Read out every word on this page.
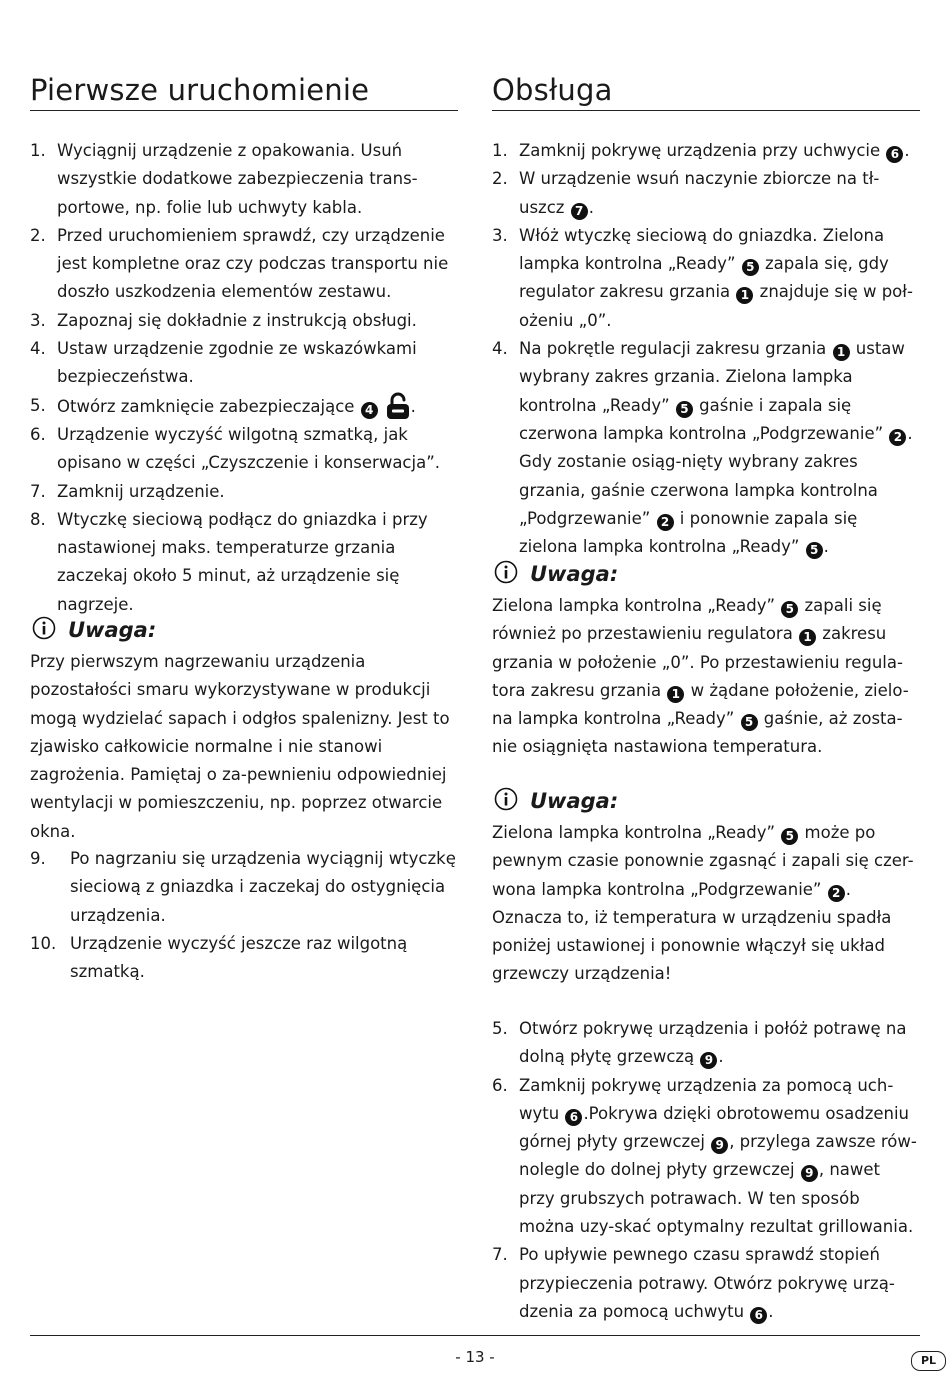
Pierwsze uruchomienie
1. Wyciągnij urządzenie z opakowania. Usuń wszystkie dodatkowe zabezpieczenia trans-portowe, np. folie lub uchwyty kabla.
2. Przed uruchomieniem sprawdź, czy urządzenie jest kompletne oraz czy podczas transportu nie doszło uszkodzenia elementów zestawu.
3. Zapoznaj się dokładnie z instrukcją obsługi.
4. Ustaw urządzenie zgodnie ze wskazówkami bezpieczeństwa.
5. Otwórz zamknięcie zabezpieczające 4 .
6. Urządzenie wyczyść wilgotną szmatką, jak opisano w części „Czyszczenie i konserwacja”.
7. Zamknij urządzenie.
8. Wtyczkę sieciową podłącz do gniazdka i przy nastawionej maks. temperaturze grzania zaczekaj około 5 minut, aż urządzenie się nagrzeje.
Uwaga:
Przy pierwszym nagrzewaniu urządzenia pozostałości smaru wykorzystywane w produkcji mogą wydzielać sapach i odgłos spalenizny. Jest to zjawisko całkowicie normalne i nie stanowi zagrożenia. Pamiętaj o za-pewnieniu odpowiedniej wentylacji w pomieszczeniu, np. poprzez otwarcie okna.
9. Po nagrzaniu się urządzenia wyciągnij wtyczkę sieciową z gniazdka i zaczekaj do ostygnięcia urządzenia.
10. Urządzenie wyczyść jeszcze raz wilgotną szmatką.
Obsługa
1. Zamknij pokrywę urządzenia przy uchwycie 6 .
2. W urządzenie wsuń naczynie zbiorcze na tł-uszcz 7 .
3. Włóż wtyczkę sieciową do gniazdka. Zielona lampka kontrolna „Ready” 5 zapala się, gdy regulator zakresu grzania 1 znajduje się w poł-ożeniu „0”.
4. Na pokrętle regulacji zakresu grzania 1 ustaw wybrany zakres grzania. Zielona lampka kontrolna „Ready” 5 gaśnie i zapala się czerwona lampka kontrolna „Podgrzewanie” 2 . Gdy zostanie osiąg-nięty wybrany zakres grzania, gaśnie czerwona lampka kontrolna „Podgrzewanie” 2 i ponownie zapala się zielona lampka kontrolna „Ready” 5 .
Uwaga:
Zielona lampka kontrolna „Ready” 5 zapali się również po przestawieniu regulatora 1 zakresu grzania w położenie „0”. Po przestawieniu regula-tora zakresu grzania 1 w żądane położenie, zielo-na lampka kontrolna „Ready” 5 gaśnie, aż zosta-nie osiągnięta nastawiona temperatura.
Uwaga:
Zielona lampka kontrolna „Ready” 5 może po pewnym czasie ponownie zgasnąć i zapali się czer-wona lampka kontrolna „Podgrzewanie” 2 . Oznacza to, iż temperatura w urządzeniu spadła poniżej ustawionej i ponownie włączył się układ grzewczy urządzenia!
5. Otwórz pokrywę urządzenia i połóż potrawę na dolną płytę grzewczą 9 .
6. Zamknij pokrywę urządzenia za pomocą uch-wytu 6 .Pokrywa dzięki obrotowemu osadzeniu górnej płyty grzewczej 9 , przylega zawsze rów-nolegle do dolnej płyty grzewczej 9 , nawet przy grubszych potrawach. W ten sposób można uzy-skać optymalny rezultat grillowania.
7. Po upływie pewnego czasu sprawdź stopień przypieczenia potrawy. Otwórz pokrywę urzą-dzenia za pomocą uchwytu 6 .
- 13 -	PL
